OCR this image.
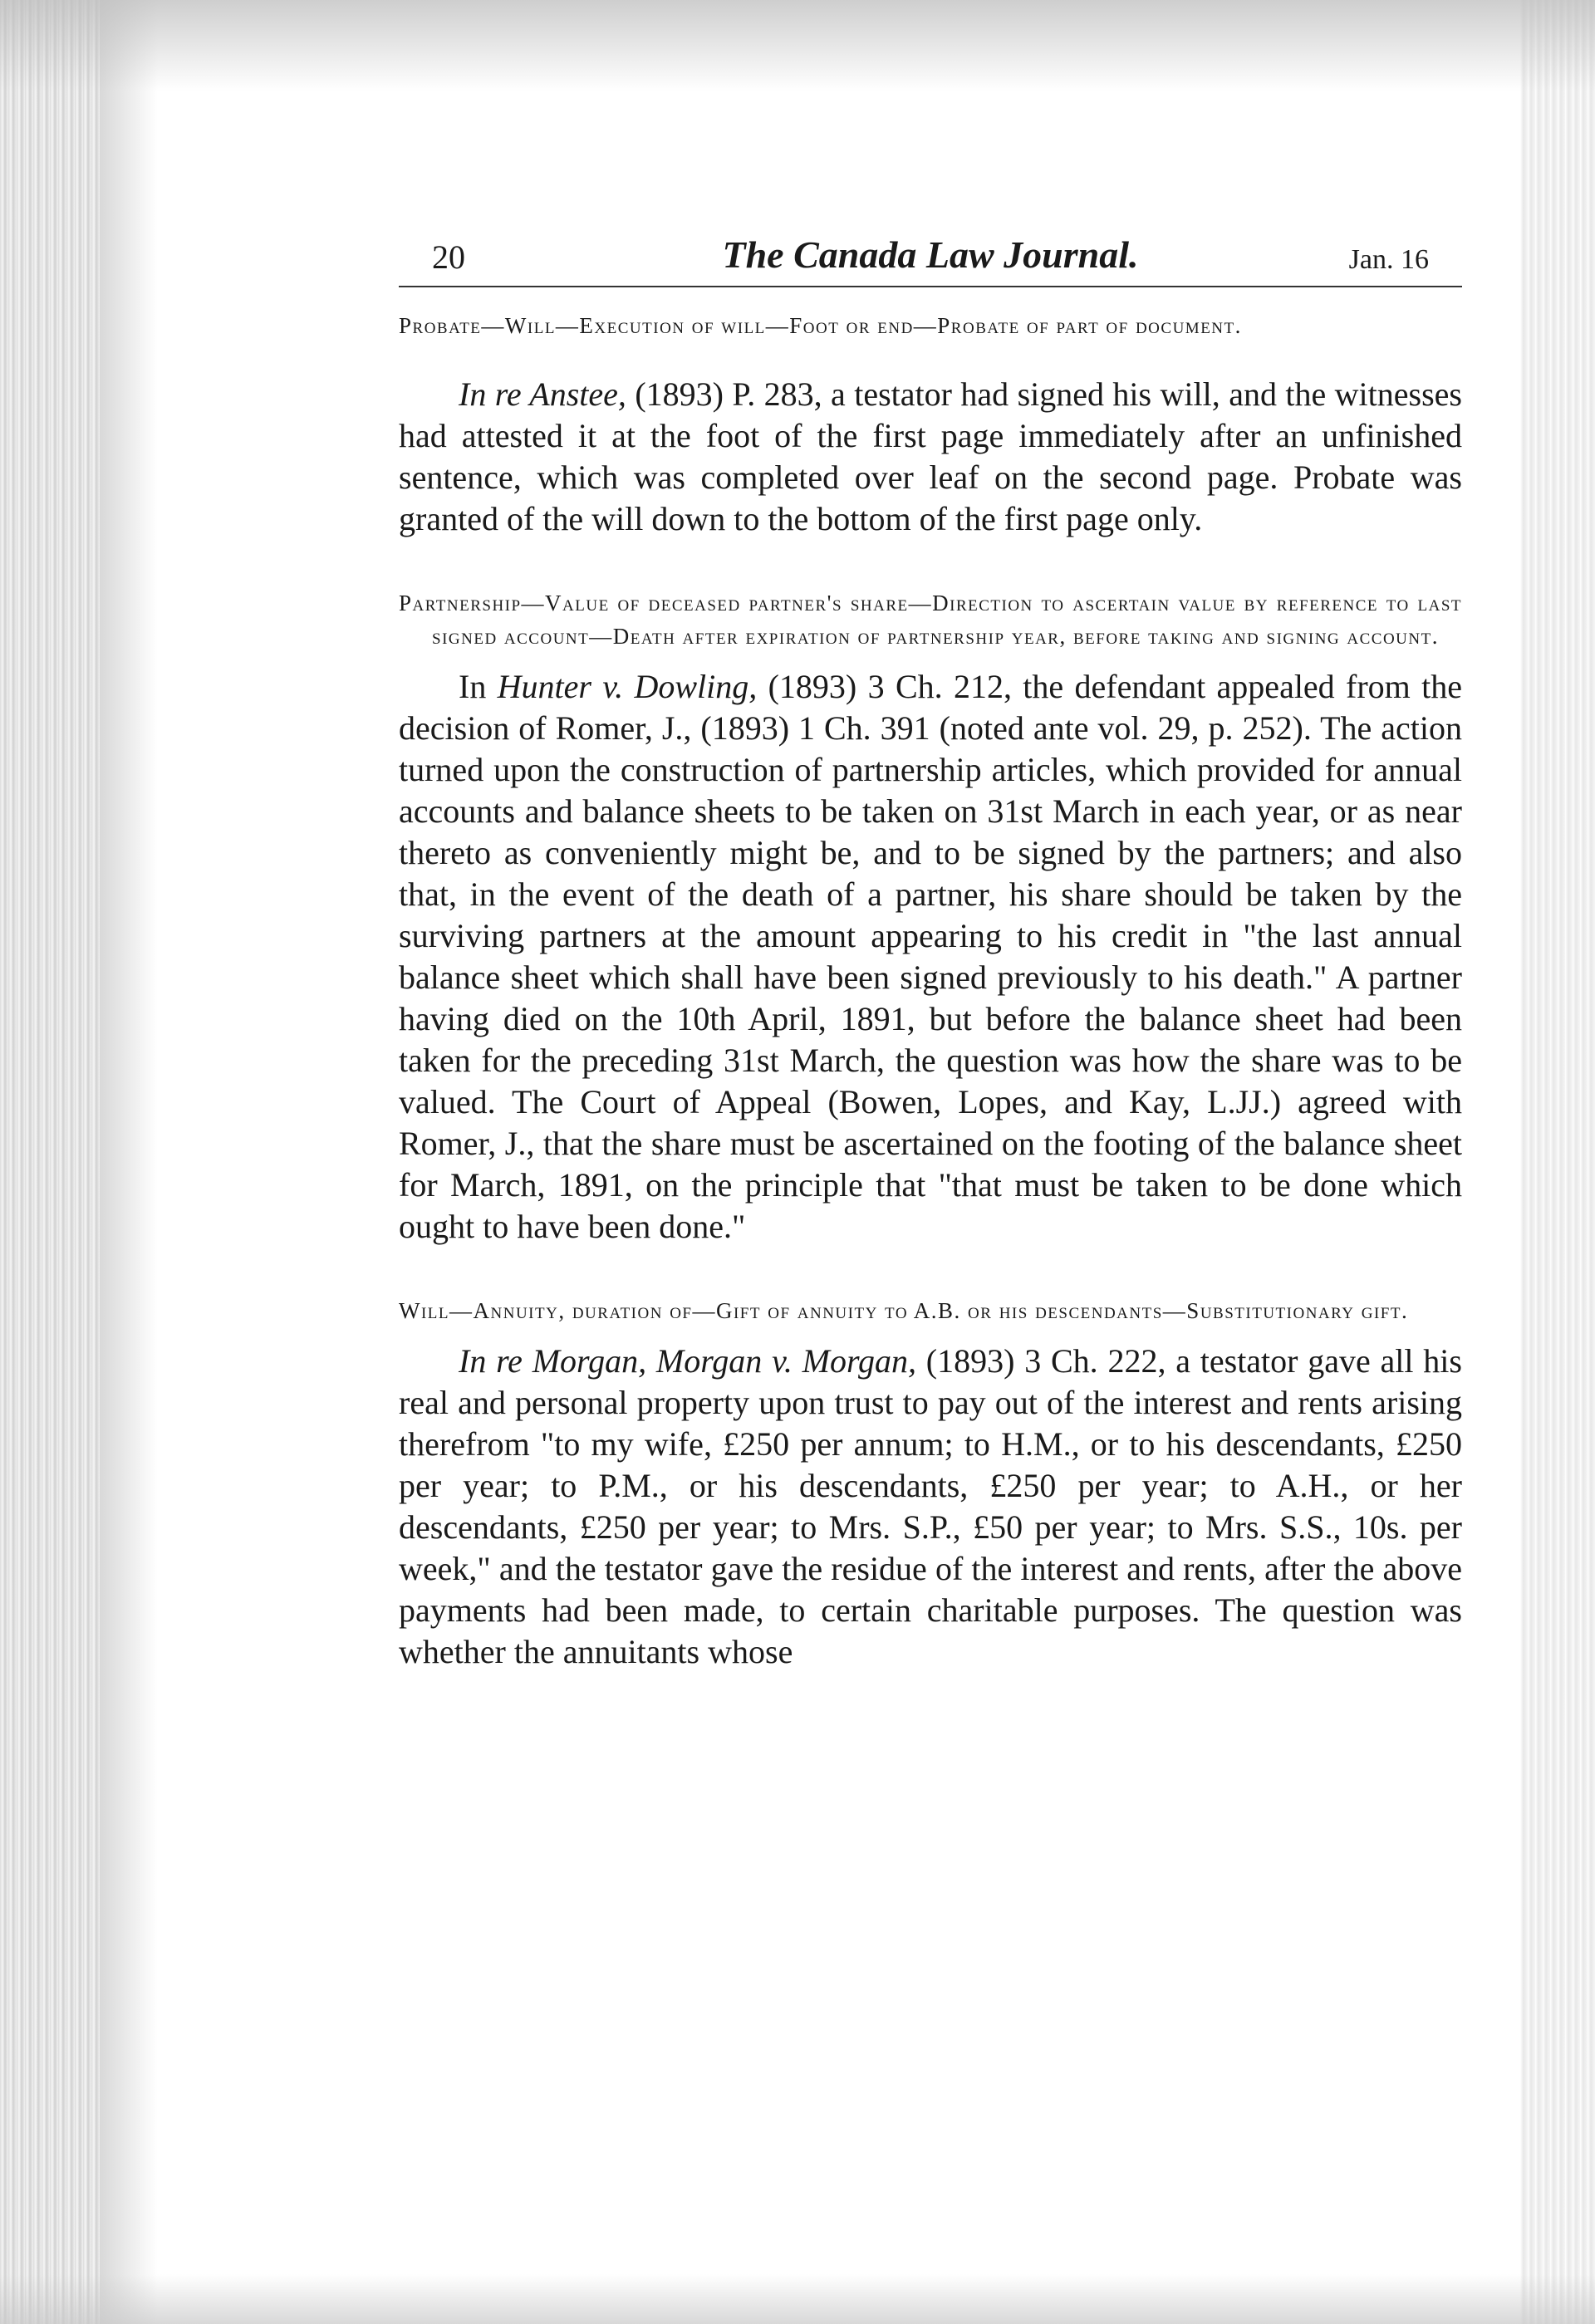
20	The Canada Law Journal.	Jan. 16

Probate—Will—Execution of will—Foot or end—Probate of part of document.

In re Anstee, (1893) P. 283, a testator had signed his will, and the witnesses had attested it at the foot of the first page immediately after an unfinished sentence, which was completed over leaf on the second page. Probate was granted of the will down to the bottom of the first page only.

Partnership—Value of deceased partner's share—Direction to ascertain value by reference to last signed account—Death after expiration of partnership year, before taking and signing account.

In Hunter v. Dowling, (1893) 3 Ch. 212, the defendant appealed from the decision of Romer, J., (1893) 1 Ch. 391 (noted ante vol. 29, p. 252). The action turned upon the construction of partnership articles, which provided for annual accounts and balance sheets to be taken on 31st March in each year, or as near thereto as conveniently might be, and to be signed by the partners; and also that, in the event of the death of a partner, his share should be taken by the surviving partners at the amount appearing to his credit in "the last annual balance sheet which shall have been signed previously to his death." A partner having died on the 10th April, 1891, but before the balance sheet had been taken for the preceding 31st March, the question was how the share was to be valued. The Court of Appeal (Bowen, Lopes, and Kay, L.JJ.) agreed with Romer, J., that the share must be ascertained on the footing of the balance sheet for March, 1891, on the principle that "that must be taken to be done which ought to have been done."

Will—Annuity, duration of—Gift of annuity to A.B. or his descendants—Substitutionary gift.

In re Morgan, Morgan v. Morgan, (1893) 3 Ch. 222, a testator gave all his real and personal property upon trust to pay out of the interest and rents arising therefrom "to my wife, £250 per annum; to H.M., or to his descendants, £250 per year; to P.M., or his descendants, £250 per year; to A.H., or her descendants, £250 per year; to Mrs. S.P., £50 per year; to Mrs. S.S., 10s. per week," and the testator gave the residue of the interest and rents, after the above payments had been made, to certain charitable purposes. The question was whether the annuitants whose
